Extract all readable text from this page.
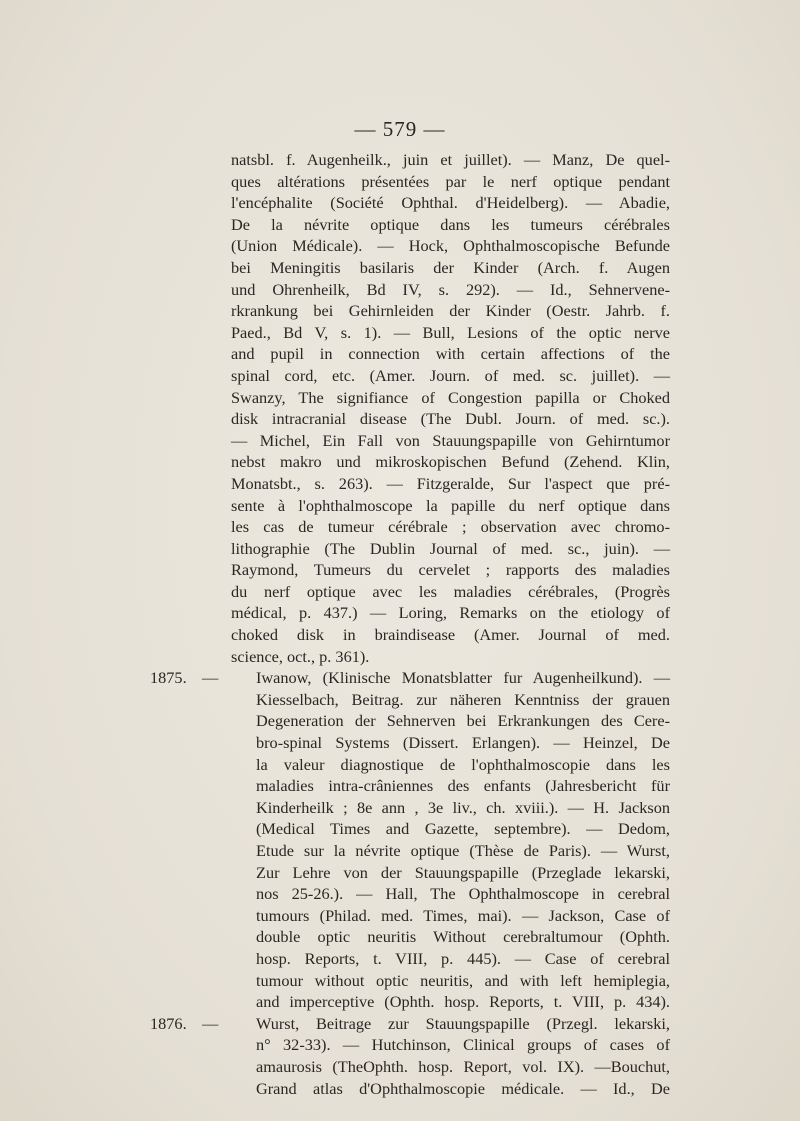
— 579 —
natsbl. f. Augenheilk., juin et juillet). — Manz, De quel-
ques altérations présentées par le nerf optique pendant
l'encéphalite (Société Ophthal. d'Heidelberg). — Abadie,
De la névrite optique dans les tumeurs cérébrales
(Union Médicale). — Hock, Ophthalmoscopische Befunde
bei Meningitis basilaris der Kinder (Arch. f. Augen
und Ohrenheilk, Bd IV, s. 292). — Id., Sehnervene-
rkrankung bei Gehirnleiden der Kinder (Oestr. Jahrb. f.
Paed., Bd V, s. 1). — Bull, Lesions of the optic nerve
and pupil in connection with certain affections of the
spinal cord, etc. (Amer. Journ. of med. sc. juillet). —
Swanzy, The signifiance of Congestion papilla or Choked
disk intracranial disease (The Dubl. Journ. of med. sc.).
— Michel, Ein Fall von Stauungspapille von Gehirntumor
nebst makro und mikroskopischen Befund (Zehend. Klin,
Monatsbt., s. 263). — Fitzgeralde, Sur l'aspect que pré-
sente à l'ophthalmoscope la papille du nerf optique dans
les cas de tumeur cérébrale ; observation avec chromo-
lithographie (The Dublin Journal of med. sc., juin). —
Raymond, Tumeurs du cervelet ; rapports des maladies
du nerf optique avec les maladies cérébrales, (Progrès
médical, p. 437.) — Loring, Remarks on the etiology of
choked disk in braindisease (Amer. Journal of med.
science, oct., p. 361).
1875. — Iwanow, (Klinische Monatsblatter fur Augenheilkund). —
Kiesselbach, Beitrag. zur näheren Kenntniss der grauen
Degeneration der Sehnerven bei Erkrankungen des Cere-
bro-spinal Systems (Dissert. Erlangen). — Heinzel, De
la valeur diagnostique de l'ophthalmoscopie dans les
maladies intra-crâniennes des enfants (Jahresbericht für
Kinderheilk ; 8e ann , 3e liv., ch. xviii.). — H. Jackson
(Medical Times and Gazette, septembre). — Dedom,
Etude sur la névrite optique (Thèse de Paris). — Wurst,
Zur Lehre von der Stauungspapille (Przeglade lekarski,
nos 25-26.). — Hall, The Ophthalmoscope in cerebral
tumours (Philad. med. Times, mai). — Jackson, Case of
double optic neuritis Without cerebraltumour (Ophth.
hosp. Reports, t. VIII, p. 445). — Case of cerebral
tumour without optic neuritis, and with left hemiplegia,
and imperceptive (Ophth. hosp. Reports, t. VIII, p. 434).
1876. — Wurst, Beitrage zur Stauungspapille (Przegl. lekarski,
n° 32-33). — Hutchinson, Clinical groups of cases of
amaurosis (TheOphth. hosp. Report, vol. IX). —Bouchut,
Grand atlas d'Ophthalmoscopie médicale. — Id., De
